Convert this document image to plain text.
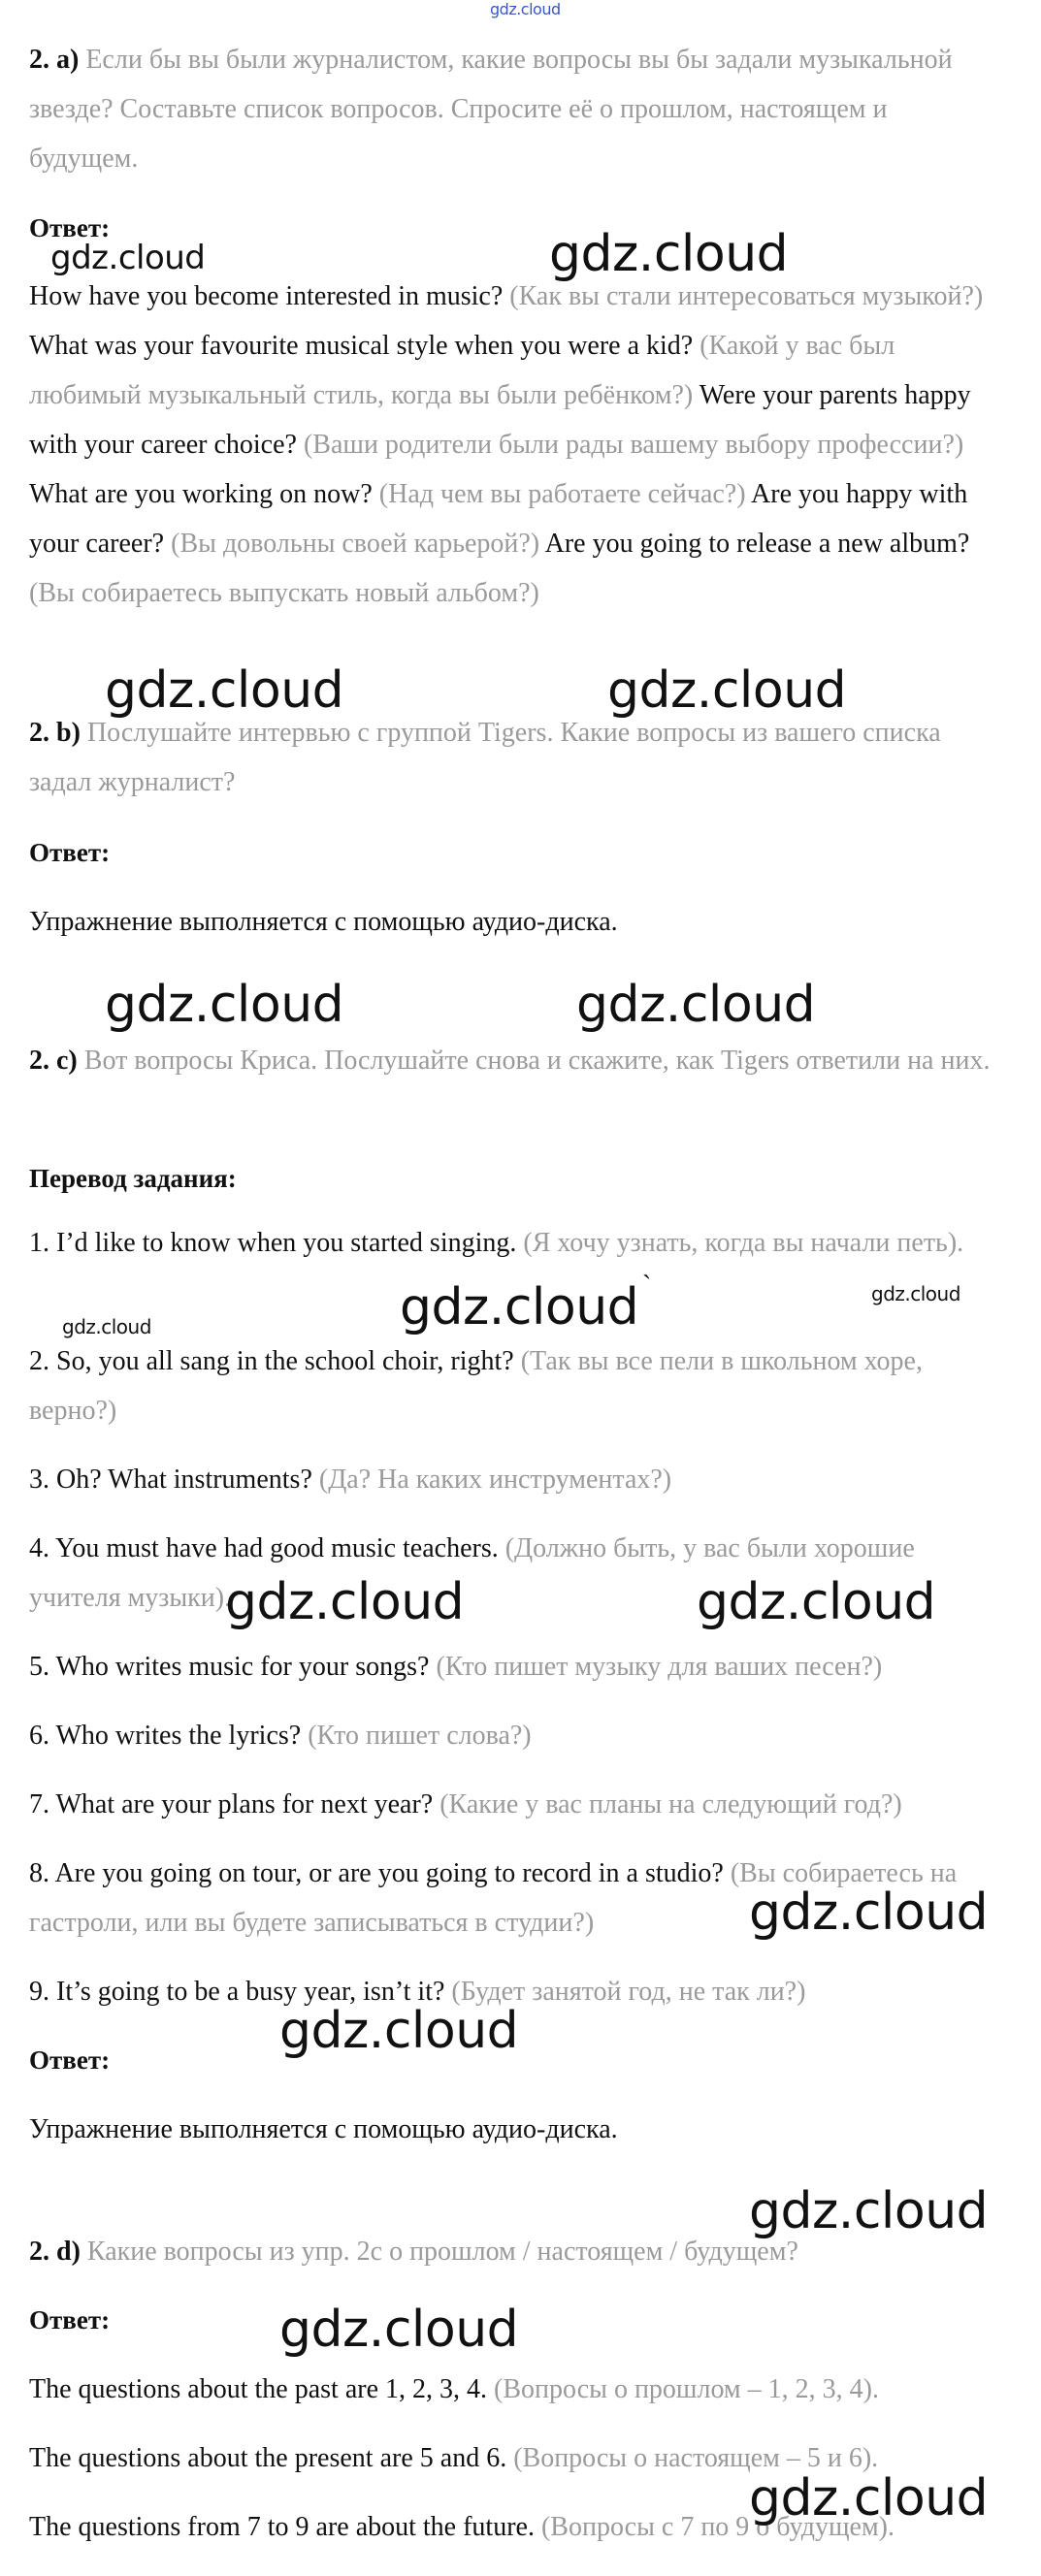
gdz.cloud
2. a) Если бы вы были журналистом, какие вопросы вы бы задали музыкальной звезде? Составьте список вопросов. Спросите её о прошлом, настоящем и будущем.
Ответ:
How have you become interested in music? (Как вы стали интересоваться музыкой?) What was your favourite musical style when you were a kid? (Какой у вас был любимый музыкальный стиль, когда вы были ребёнком?) Were your parents happy with your career choice? (Ваши родители были рады вашему выбору профессии?) What are you working on now? (Над чем вы работаете сейчас?) Are you happy with your career? (Вы довольны своей карьерой?) Are you going to release a new album? (Вы собираетесь выпускать новый альбом?)
2. b) Послушайте интервью с группой Tigers. Какие вопросы из вашего списка задал журналист?
Ответ:
Упражнение выполняется с помощью аудио-диска.
2. c) Вот вопросы Криса. Послушайте снова и скажите, как Tigers ответили на них.
Перевод задания:
1. I’d like to know when you started singing. (Я хочу узнать, когда вы начали петь).
2. So, you all sang in the school choir, right? (Так вы все пели в школьном хоре, верно?)
3. Oh? What instruments? (Да? На каких инструментах?)
4. You must have had good music teachers. (Должно быть, у вас были хорошие учителя музыки).
5. Who writes music for your songs? (Кто пишет музыку для ваших песен?)
6. Who writes the lyrics? (Кто пишет слова?)
7. What are your plans for next year? (Какие у вас планы на следующий год?)
8. Are you going on tour, or are you going to record in a studio? (Вы собираетесь на гастроли, или вы будете записываться в студии?)
9. It’s going to be a busy year, isn’t it? (Будет занятой год, не так ли?)
Ответ:
Упражнение выполняется с помощью аудио-диска.
2. d) Какие вопросы из упр. 2c о прошлом / настоящем / будущем?
Ответ:
The questions about the past are 1, 2, 3, 4. (Вопросы о прошлом – 1, 2, 3, 4).
The questions about the present are 5 and 6. (Вопросы о настоящем – 5 и 6).
The questions from 7 to 9 are about the future. (Вопросы с 7 по 9 о будущем).
gdz.cloud	gdz.cloud
gdz.cloud	gdz.cloud
gdz.cloud	gdz.cloud
gdz.cloud `	gdz.cloud
gdz.cloud
gdz.cloud	gdz.cloud
gdz.cloud
gdz.cloud
gdz.cloud
gdz.cloud
gdz.cloud
